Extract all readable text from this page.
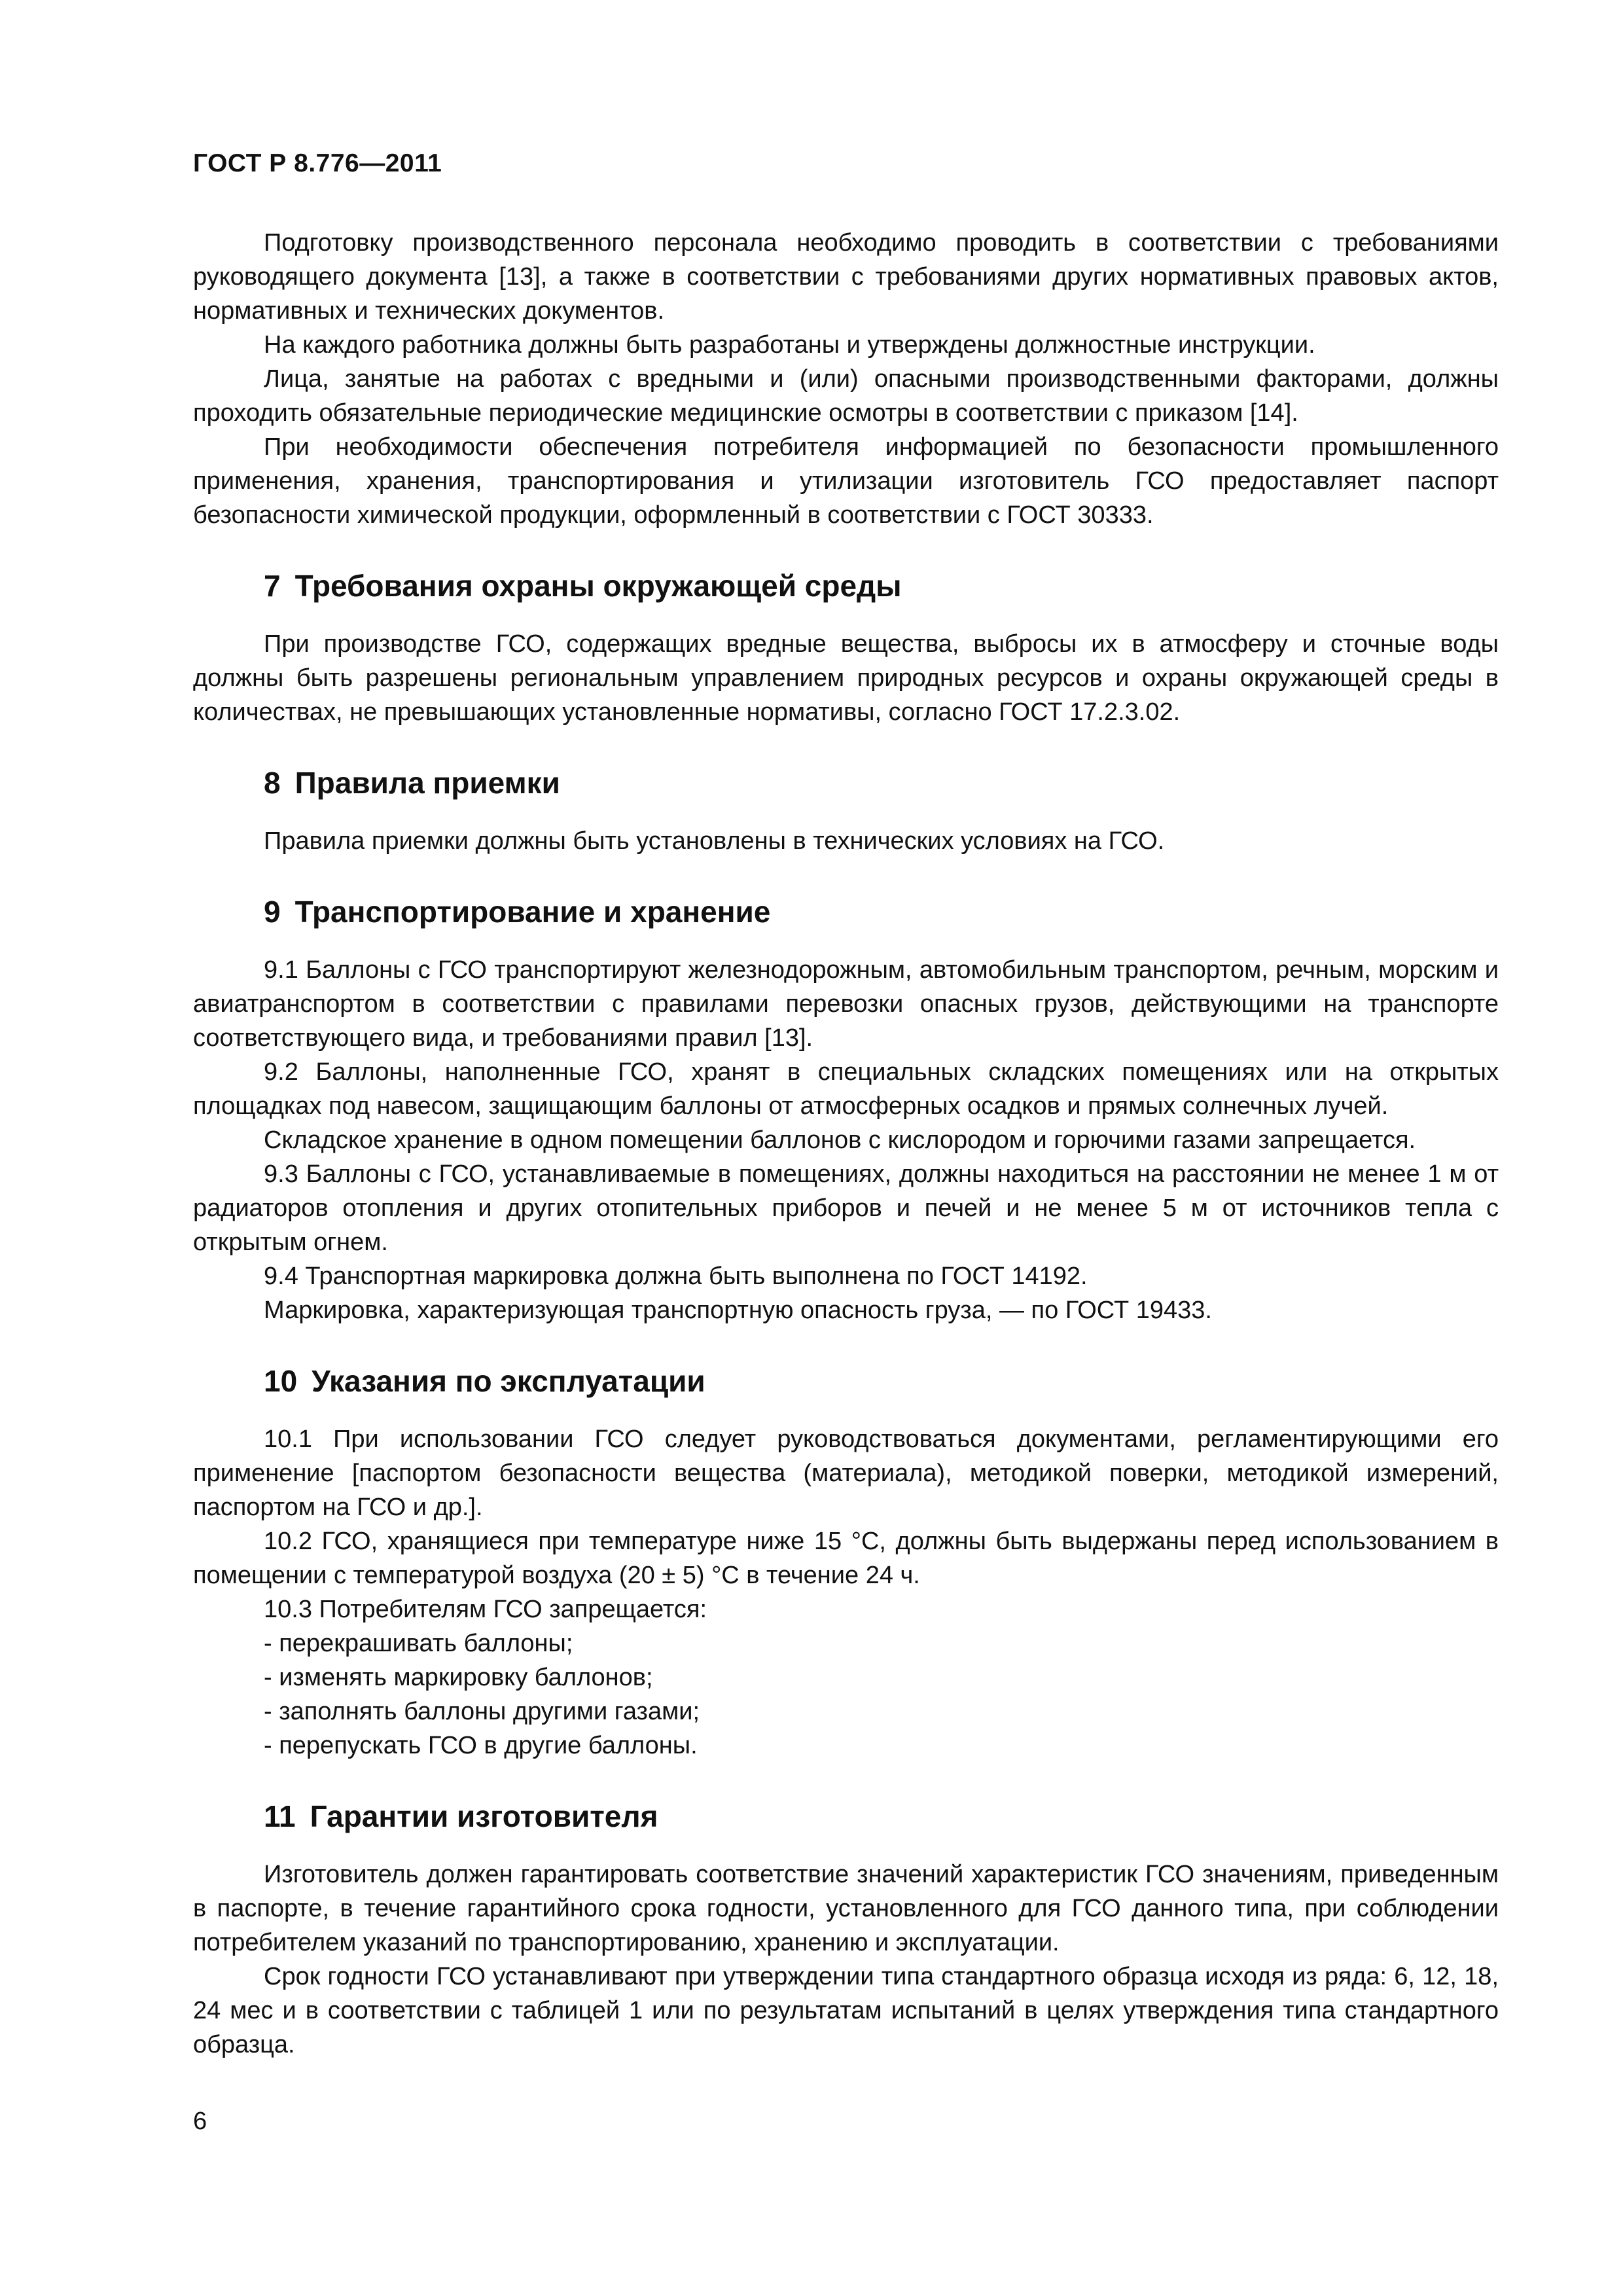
ГОСТ Р 8.776—2011

Подготовку производственного персонала необходимо проводить в соответствии с требованиями руководящего документа [13], а также в соответствии с требованиями других нормативных правовых актов, нормативных и технических документов.

На каждого работника должны быть разработаны и утверждены должностные инструкции.

Лица, занятые на работах с вредными и (или) опасными производственными факторами, должны проходить обязательные периодические медицинские осмотры в соответствии с приказом [14].

При необходимости обеспечения потребителя информацией по безопасности промышленного применения, хранения, транспортирования и утилизации изготовитель ГСО предоставляет паспорт безопасности химической продукции, оформленный в соответствии с ГОСТ 30333.

7 Требования охраны окружающей среды

При производстве ГСО, содержащих вредные вещества, выбросы их в атмосферу и сточные воды должны быть разрешены региональным управлением природных ресурсов и охраны окружающей среды в количествах, не превышающих установленные нормативы, согласно ГОСТ 17.2.3.02.

8 Правила приемки

Правила приемки должны быть установлены в технических условиях на ГСО.

9 Транспортирование и хранение

9.1 Баллоны с ГСО транспортируют железнодорожным, автомобильным транспортом, речным, морским и авиатранспортом в соответствии с правилами перевозки опасных грузов, действующими на транспорте соответствующего вида, и требованиями правил [13].

9.2 Баллоны, наполненные ГСО, хранят в специальных складских помещениях или на открытых площадках под навесом, защищающим баллоны от атмосферных осадков и прямых солнечных лучей.

Складское хранение в одном помещении баллонов с кислородом и горючими газами запрещается.

9.3 Баллоны с ГСО, устанавливаемые в помещениях, должны находиться на расстоянии не менее 1 м от радиаторов отопления и других отопительных приборов и печей и не менее 5 м от источников тепла с открытым огнем.

9.4 Транспортная маркировка должна быть выполнена по ГОСТ 14192.

Маркировка, характеризующая транспортную опасность груза, — по ГОСТ 19433.

10 Указания по эксплуатации

10.1 При использовании ГСО следует руководствоваться документами, регламентирующими его применение [паспортом безопасности вещества (материала), методикой поверки, методикой измерений, паспортом на ГСО и др.].

10.2 ГСО, хранящиеся при температуре ниже 15 °С, должны быть выдержаны перед использованием в помещении с температурой воздуха (20 ± 5) °С в течение 24 ч.

10.3 Потребителям ГСО запрещается:

- перекрашивать баллоны;
- изменять маркировку баллонов;
- заполнять баллоны другими газами;
- перепускать ГСО в другие баллоны.
11 Гарантии изготовителя

Изготовитель должен гарантировать соответствие значений характеристик ГСО значениям, приведенным в паспорте, в течение гарантийного срока годности, установленного для ГСО данного типа, при соблюдении потребителем указаний по транспортированию, хранению и эксплуатации.

Срок годности ГСО устанавливают при утверждении типа стандартного образца исходя из ряда: 6, 12, 18, 24 мес и в соответствии с таблицей 1 или по результатам испытаний в целях утверждения типа стандартного образца.

6
